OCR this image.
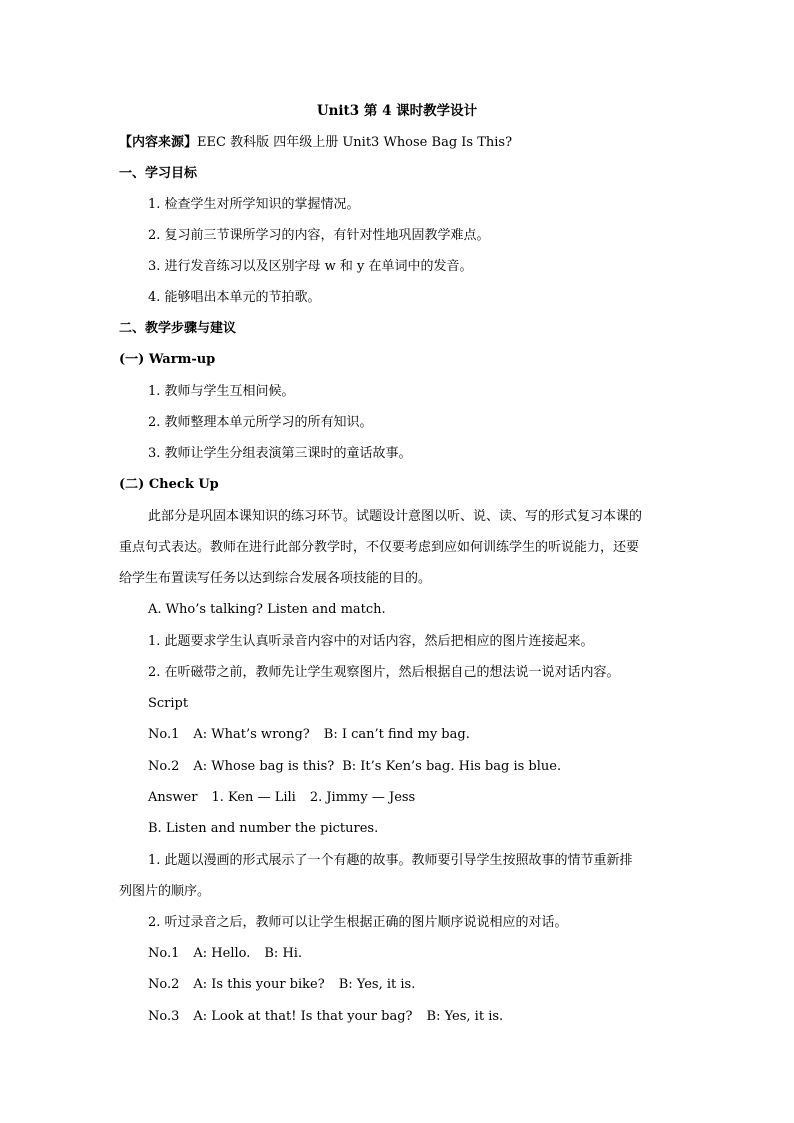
Unit3 第 4 课时教学设计
【内容来源】EEC 教科版 四年级上册 Unit3 Whose Bag Is This?
一、学习目标
1. 检查学生对所学知识的掌握情况。
2. 复习前三节课所学习的内容，有针对性地巩固教学难点。
3. 进行发音练习以及区别字母 w 和 y 在单词中的发音。
4. 能够唱出本单元的节拍歌。
二、教学步骤与建议
(一) Warm-up
1. 教师与学生互相问候。
2. 教师整理本单元所学习的所有知识。
3. 教师让学生分组表演第三课时的童话故事。
(二) Check Up
此部分是巩固本课知识的练习环节。试题设计意图以听、说、读、写的形式复习本课的
重点句式表达。教师在进行此部分教学时，不仅要考虑到应如何训练学生的听说能力，还要
给学生布置读写任务以达到综合发展各项技能的目的。
A. Who’s talking? Listen and match.
1. 此题要求学生认真听录音内容中的对话内容，然后把相应的图片连接起来。
2. 在听磁带之前，教师先让学生观察图片，然后根据自己的想法说一说对话内容。
Script
No.1 A: What’s wrong? B: I can’t find my bag.
No.2 A: Whose bag is this? B: It’s Ken’s bag. His bag is blue.
Answer 1. Ken — Lili 2. Jimmy — Jess
B. Listen and number the pictures.
1. 此题以漫画的形式展示了一个有趣的故事。教师要引导学生按照故事的情节重新排
列图片的顺序。
2. 听过录音之后，教师可以让学生根据正确的图片顺序说说相应的对话。
No.1 A: Hello. B: Hi.
No.2 A: Is this your bike? B: Yes, it is.
No.3 A: Look at that! Is that your bag? B: Yes, it is.
